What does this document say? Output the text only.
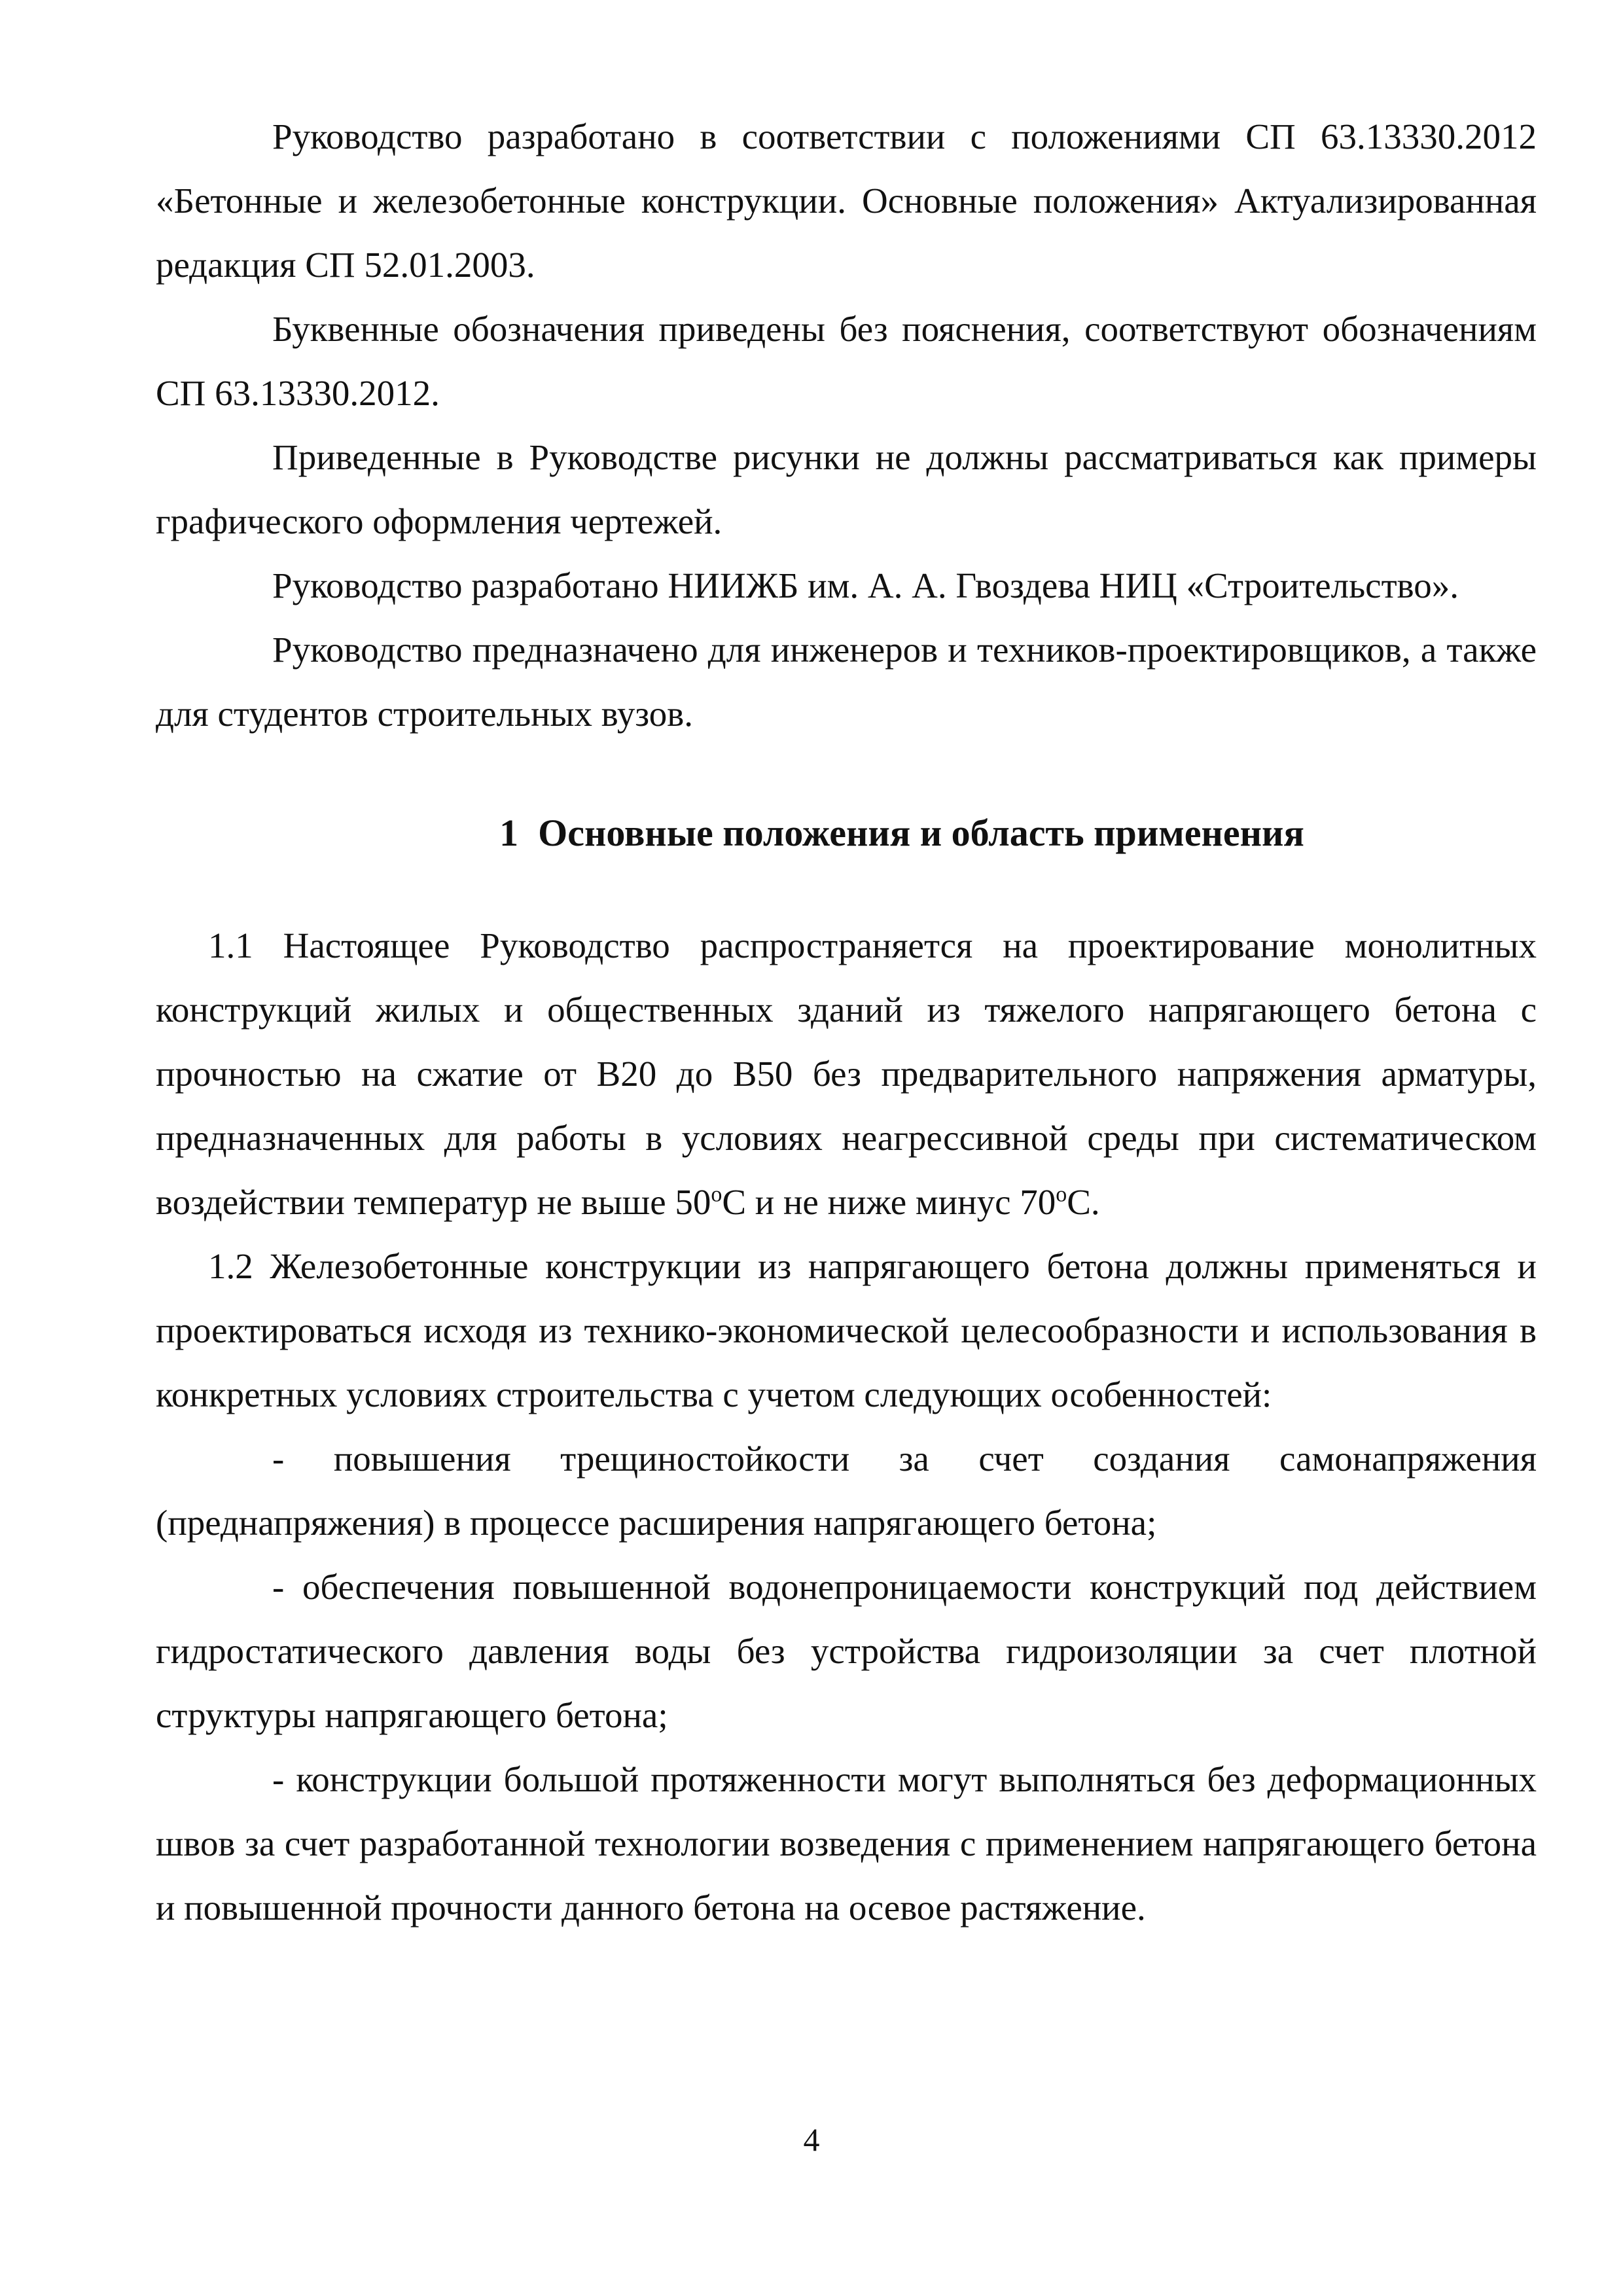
Руководство разработано в соответствии с положениями СП 63.13330.2012 «Бетонные и железобетонные конструкции. Основные положения» Актуализированная редакция СП 52.01.2003.

Буквенные обозначения приведены без пояснения, соответствуют обозначениям СП 63.13330.2012.

Приведенные в Руководстве рисунки не должны рассматриваться как примеры графического оформления чертежей.

Руководство разработано НИИЖБ им. А. А. Гвоздева НИЦ «Строительство».

Руководство предназначено для инженеров и техников-проектировщиков, а также для студентов строительных вузов.

1 Основные положения и область применения

1.1 Настоящее Руководство распространяется на проектирование монолитных конструкций жилых и общественных зданий из тяжелого напрягающего бетона с прочностью на сжатие от В20 до В50 без предварительного напряжения арматуры, предназначенных для работы в условиях неагрессивной среды при систематическом воздействии температур не выше $50^оС$ и не ниже минус $70^оС$.

1.2 Железобетонные конструкции из напрягающего бетона должны применяться и проектироваться исходя из технико-экономической целесообразности и использования в конкретных условиях строительства с учетом следующих особенностей:

- повышения трещиностойкости за счет создания самонапряжения (преднапряжения) в процессе расширения напрягающего бетона;

- обеспечения повышенной водонепроницаемости конструкций под действием гидростатического давления воды без устройства гидроизоляции за счет плотной структуры напрягающего бетона;

- конструкции большой протяженности могут выполняться без деформационных швов за счет разработанной технологии возведения с применением напрягающего бетона и повышенной прочности данного бетона на осевое растяжение.

4
